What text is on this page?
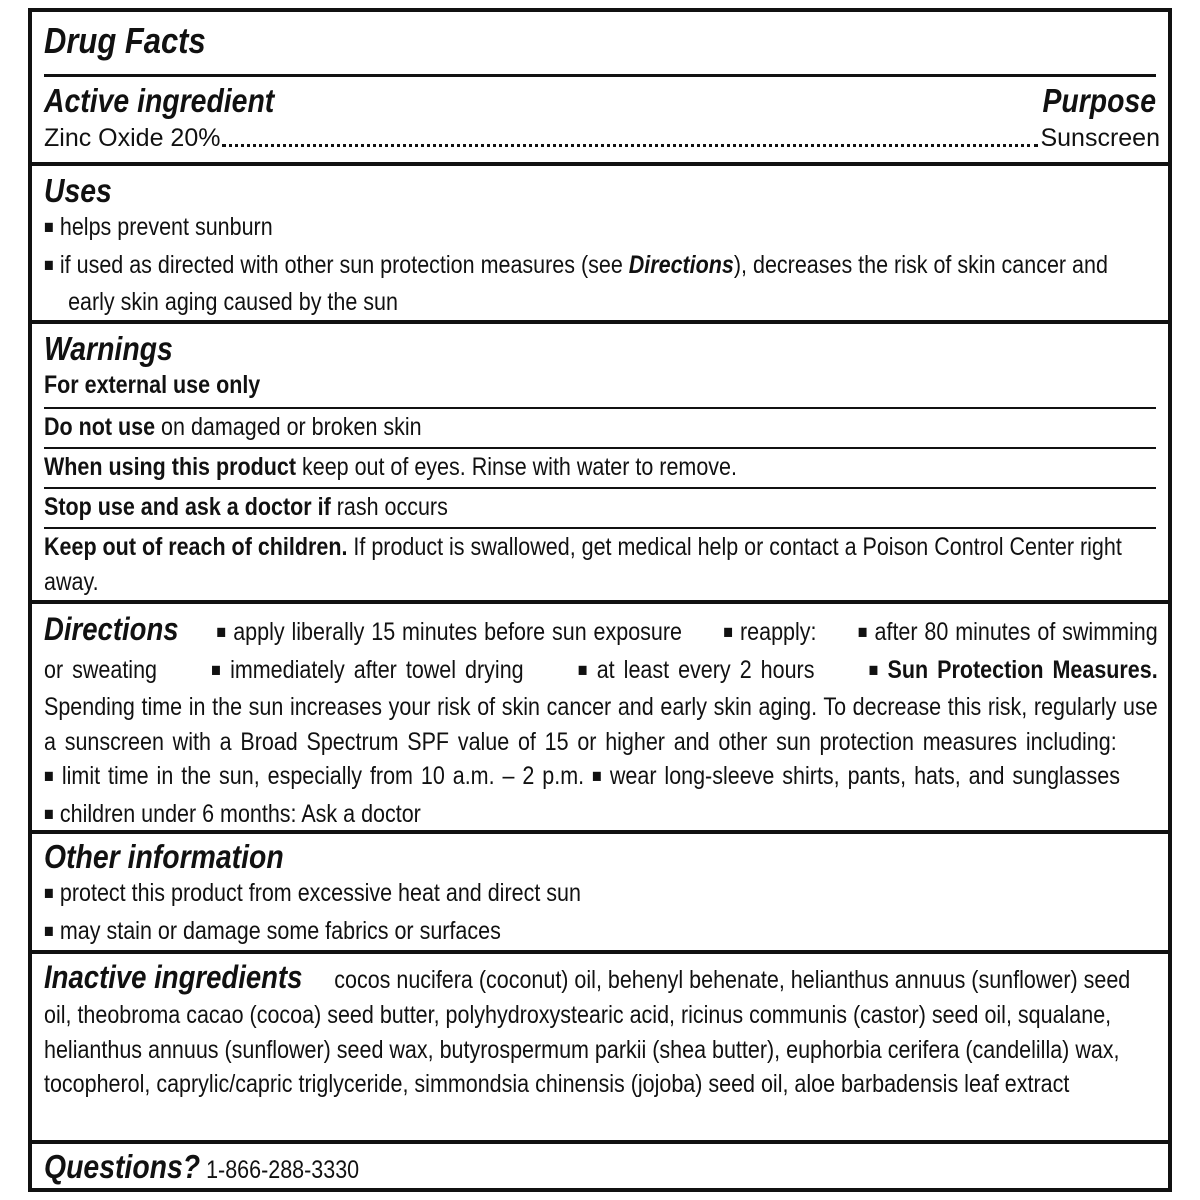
Drug Facts
Active ingredient	Purpose
Zinc Oxide 20%	Sunscreen
Uses
■ helps prevent sunburn
■ if used as directed with other sun protection measures (see Directions), decreases the risk of skin cancer and early skin aging caused by the sun
Warnings
For external use only
Do not use on damaged or broken skin
When using this product keep out of eyes. Rinse with water to remove.
Stop use and ask a doctor if rash occurs
Keep out of reach of children. If product is swallowed, get medical help or contact a Poison Control Center right away.
Directions ■ apply liberally 15 minutes before sun exposure ■ reapply: ■ after 80 minutes of swimming or sweating	■ immediately after towel drying	■ at least every 2 hours	■ Sun Protection Measures. Spending time in the sun increases your risk of skin cancer and early skin aging. To decrease this risk, regularly use a sunscreen with a Broad Spectrum SPF value of 15 or higher and other sun protection measures including:      ■ limit time in the sun, especially from 10 a.m. – 2 p.m. ■ wear long-sleeve shirts, pants, hats, and sunglasses      ■ children under 6 months: Ask a doctor
Other information
■ protect this product from excessive heat and direct sun
■ may stain or damage some fabrics or surfaces
Inactive ingredients cocos nucifera (coconut) oil, behenyl behenate, helianthus annuus (sunflower) seed oil, theobroma cacao (cocoa) seed butter, polyhydroxystearic acid, ricinus communis (castor) seed oil, squalane, helianthus annuus (sunflower) seed wax, butyrospermum parkii (shea butter), euphorbia cerifera (candelilla) wax, tocopherol, caprylic/capric triglyceride, simmondsia chinensis (jojoba) seed oil, aloe barbadensis leaf extract
Questions? 1-866-288-3330
